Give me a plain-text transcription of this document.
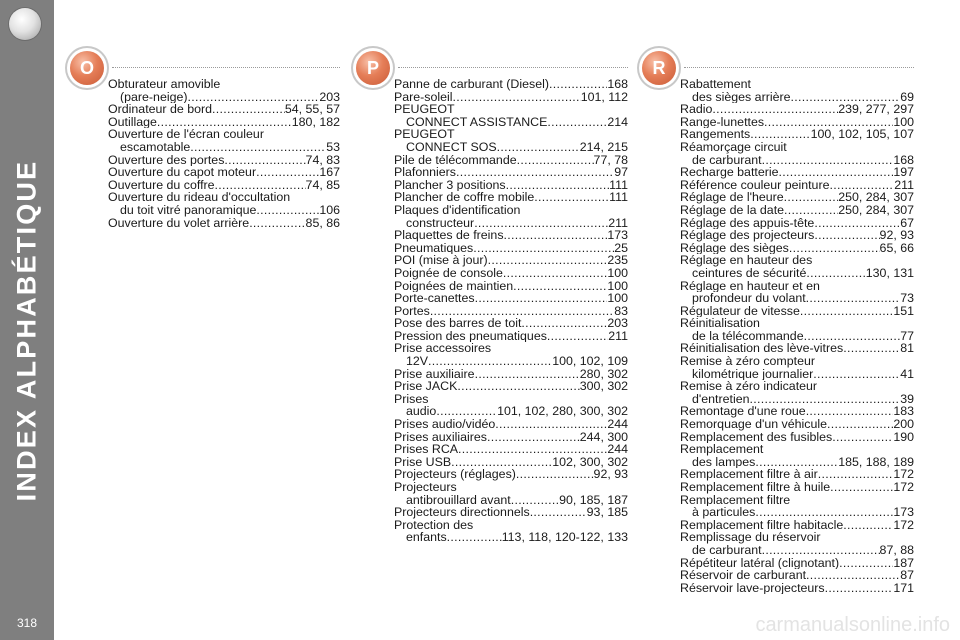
INDEX ALPHABÉTIQUE
318
O
Obturateur amovible
(pare-neige) .....	203
Ordinateur de bord .....	54, 55, 57
Outillage .....	180, 182
Ouverture de l'écran couleur
escamotable .....	53
Ouverture des portes .....	74, 83
Ouverture du capot moteur .....	167
Ouverture du coffre .....	74, 85
Ouverture du rideau d'occultation
du toit vitré panoramique .....	106
Ouverture du volet arrière .....	85, 86
P
Panne de carburant (Diesel) .....	168
Pare-soleil .....	101, 112
PEUGEOT
CONNECT ASSISTANCE .....	214
PEUGEOT
CONNECT SOS .....	214, 215
Pile de télécommande .....	77, 78
Plafonniers .....	97
Plancher 3 positions .....	111
Plancher de coffre mobile .....	111
Plaques d'identification
constructeur .....	211
Plaquettes de freins .....	173
Pneumatiques .....	25
POI (mise à jour) .....	235
Poignée de console .....	100
Poignées de maintien .....	100
Porte-canettes .....	100
Portes .....	83
Pose des barres de toit .....	203
Pression des pneumatiques .....	211
Prise accessoires
12V .....	100, 102, 109
Prise auxiliaire .....	280, 302
Prise JACK .....	300, 302
Prises
audio .....	101, 102, 280, 300, 302
Prises audio/vidéo .....	244
Prises auxiliaires .....	244, 300
Prises RCA .....	244
Prise USB .....	102, 300, 302
Projecteurs (réglages) .....	92, 93
Projecteurs
antibrouillard avant .....	90, 185, 187
Projecteurs directionnels .....	93, 185
Protection des
enfants .....	113, 118, 120-122, 133
R
Rabattement
des sièges arrière .....	69
Radio .....	239, 277, 297
Range-lunettes .....	100
Rangements .....	100, 102, 105, 107
Réamorçage circuit
de carburant .....	168
Recharge batterie .....	197
Référence couleur peinture .....	211
Réglage de l'heure .....	250, 284, 307
Réglage de la date .....	250, 284, 307
Réglage des appuis-tête .....	67
Réglage des projecteurs .....	92, 93
Réglage des sièges .....	65, 66
Réglage en hauteur des
ceintures de sécurité .....	130, 131
Réglage en hauteur et en
profondeur du volant .....	73
Régulateur de vitesse .....	151
Réinitialisation
de la télécommande .....	77
Réinitialisation des lève-vitres .....	81
Remise à zéro compteur
kilométrique journalier .....	41
Remise à zéro indicateur
d'entretien .....	39
Remontage d'une roue .....	183
Remorquage d'un véhicule .....	200
Remplacement des fusibles .....	190
Remplacement
des lampes .....	185, 188, 189
Remplacement filtre à air .....	172
Remplacement filtre à huile .....	172
Remplacement filtre
à particules .....	173
Remplacement filtre habitacle .....	172
Remplissage du réservoir
de carburant .....	87, 88
Répétiteur latéral (clignotant) .....	187
Réservoir de carburant .....	87
Réservoir lave-projecteurs .....	171
carmanualsonline.info
